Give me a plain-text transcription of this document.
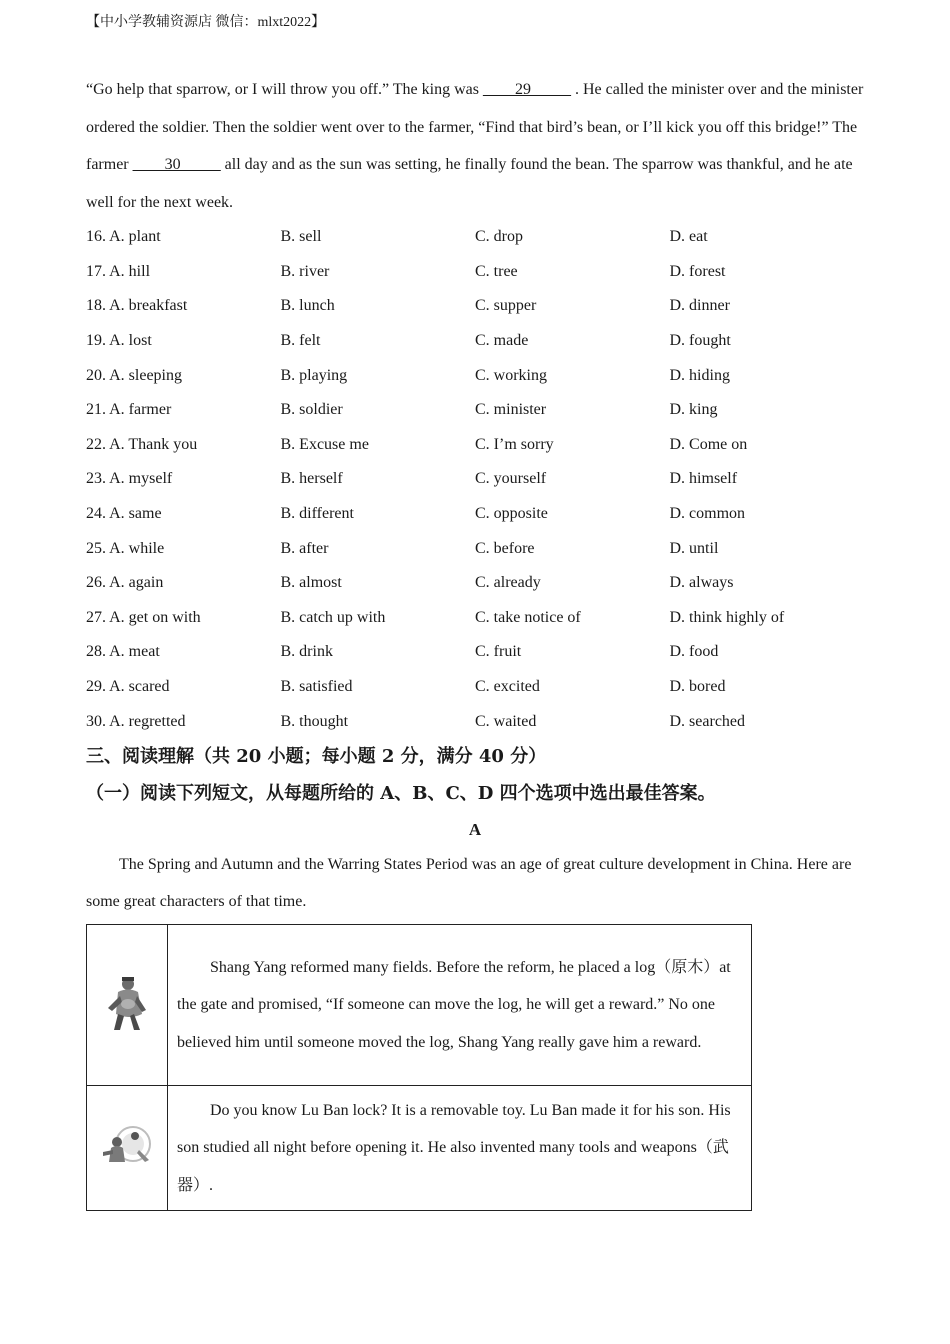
【中小学教辅资源店 微信：mlxt2022】

“Go help that sparrow, or I will throw you off.” The king was ____29_____ . He called the minister over and the minister ordered the soldier. Then the soldier went over to the farmer, “Find that bird’s bean, or I’ll kick you off this bridge!” The farmer ____30_____ all day and as the sun was setting, he finally found the bean. The sparrow was thankful, and he ate well for the next week.

16. A. plant	B. sell	C. drop	D. eat
17. A. hill	B. river	C. tree	D. forest
18. A. breakfast	B. lunch	C. supper	D. dinner
19. A. lost	B. felt	C. made	D. fought
20. A. sleeping	B. playing	C. working	D. hiding
21. A. farmer	B. soldier	C. minister	D. king
22. A. Thank you	B. Excuse me	C. I’m sorry	D. Come on
23. A. myself	B. herself	C. yourself	D. himself
24. A. same	B. different	C. opposite	D. common
25. A. while	B. after	C. before	D. until
26. A. again	B. almost	C. already	D. always
27. A. get on with	B. catch up with	C. take notice of	D. think highly of
28. A. meat	B. drink	C. fruit	D. food
29. A. scared	B. satisfied	C. excited	D. bored
30. A. regretted	B. thought	C. waited	D. searched
三、阅读理解（共 20 小题；每小题 2 分，满分 40 分）
（一）阅读下列短文，从每题所给的 A、B、C、D 四个选项中选出最佳答案。
A
The Spring and Autumn and the Warring States Period was an age of great culture development in China. Here are some great characters of that time.
	Shang Yang reformed many fields. Before the reform, he placed a log（原木）at the gate and promised, “If someone can move the log, he will get a reward.” No one believed him until someone moved the log, Shang Yang really gave him a reward.
	Do you know Lu Ban lock? It is a removable toy. Lu Ban made it for his son. His son studied all night before opening it. He also invented many tools and weapons（武器）.
